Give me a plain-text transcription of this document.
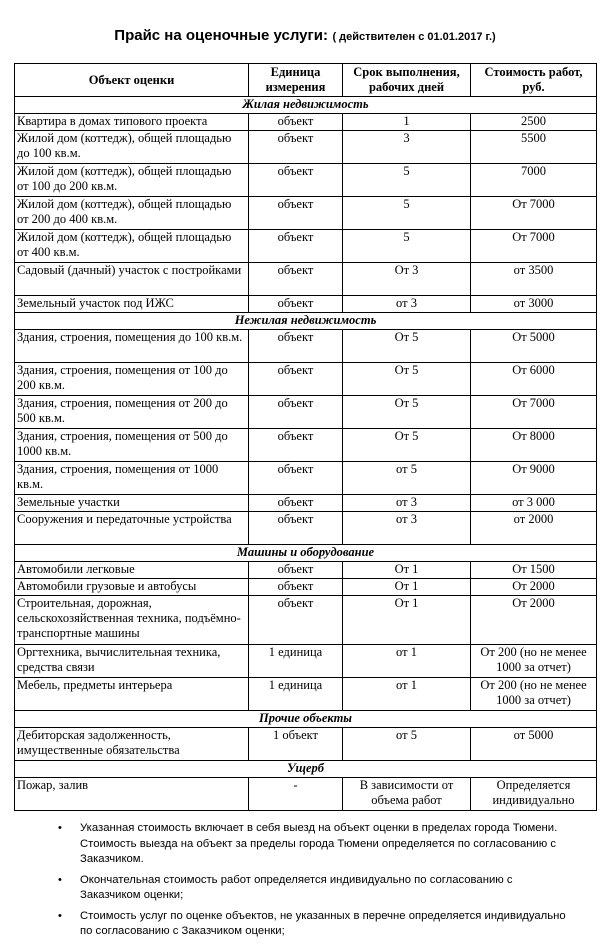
Прайс на оценочные услуги: ( действителен с 01.01.2017 г.)
Объект оценки	Единица измерения	Срок выполнения, рабочих дней	Стоимость работ, руб.
Жилая недвижимость			
Квартира в домах типового проекта	объект	1	2500
Жилой дом (коттедж), общей площадью до 100 кв.м.	объект	3	5500
Жилой дом (коттедж), общей площадью от 100 до 200 кв.м.	объект	5	7000
Жилой дом (коттедж), общей площадью от 200 до 400 кв.м.	объект	5	От 7000
Жилой дом (коттедж), общей площадью от 400 кв.м.	объект	5	От 7000
Садовый (дачный) участок с постройками	объект	От 3	от 3500
Земельный участок под ИЖС	объект	от 3	от 3000
Нежилая недвижимость			
Здания, строения, помещения до 100 кв.м.	объект	От 5	От 5000
Здания, строения, помещения от 100 до 200 кв.м.	объект	От 5	От 6000
Здания, строения, помещения от 200 до 500 кв.м.	объект	От 5	От 7000
Здания, строения, помещения от 500 до 1000 кв.м.	объект	От 5	От 8000
Здания, строения, помещения от 1000 кв.м.	объект	от 5	От 9000
Земельные участки	объект	от 3	от 3 000
Сооружения и передаточные устройства	объект	от 3	от 2000
Машины и оборудование			
Автомобили легковые	объект	От 1	От 1500
Автомобили грузовые и автобусы	объект	От 1	От 2000
Строительная, дорожная, сельскохозяйственная техника, подъёмно-транспортные машины	объект	От 1	От 2000
Оргтехника, вычислительная техника, средства связи	1 единица	от 1	От 200 (но не менее 1000 за отчет)
Мебель, предметы интерьера	1 единица	от 1	От 200 (но не менее 1000 за отчет)
Прочие объекты			
Дебиторская задолженность, имущественные обязательства	1 объект	от 5	от 5000
Ущерб			
Пожар, залив	-	В зависимости от объема работ	Определяется индивидуально
• Указанная стоимость включает в себя выезд на объект оценки в пределах города Тюмени. Стоимость выезда на объект за пределы города Тюмени определяется по согласованию с Заказчиком.
• Окончательная стоимость работ определяется индивидуально по согласованию с Заказчиком оценки;
• Стоимость услуг по оценке объектов, не указанных в перечне определяется индивидуально по согласованию с Заказчиком оценки;
